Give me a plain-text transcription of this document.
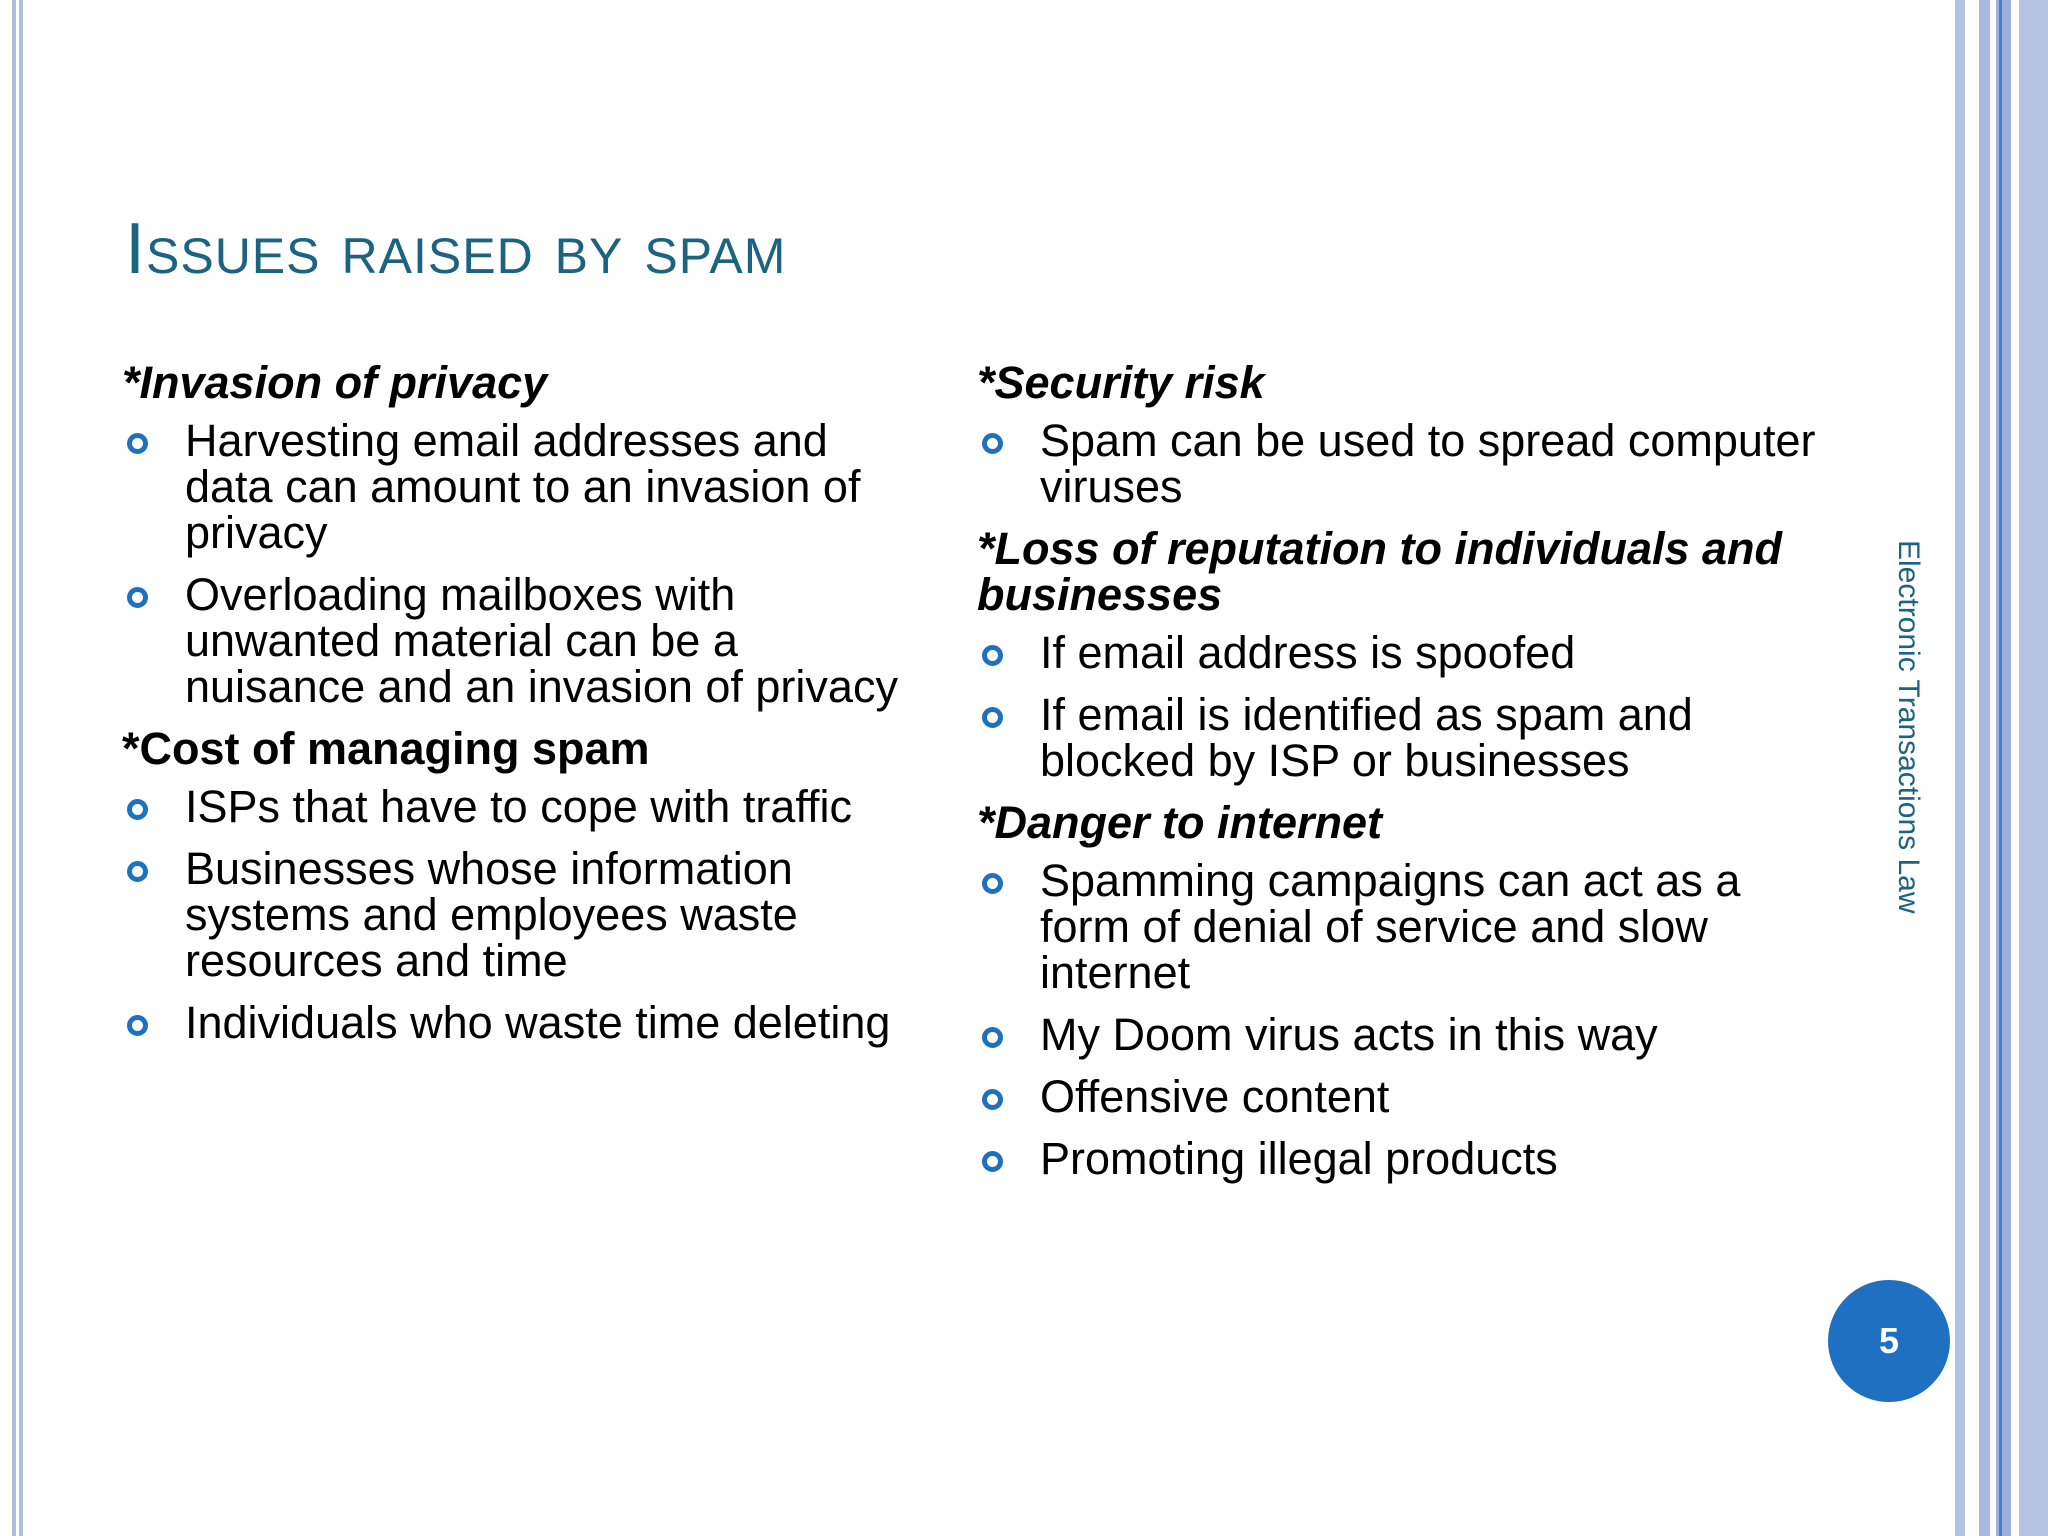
Issues raised by spam
*Invasion of privacy
Harvesting email addresses and data can amount to an invasion of privacy
Overloading mailboxes with unwanted material can be a nuisance and an invasion of privacy
*Cost of managing spam
ISPs that have to cope with traffic
Businesses whose information systems and employees waste resources and time
Individuals who waste time deleting
*Security risk
Spam can be used to spread computer viruses
*Loss of reputation to individuals and businesses
If email address is spoofed
If email is identified as spam and blocked by ISP or businesses
*Danger to internet
Spamming campaigns can act as a form of denial of service and slow internet
My Doom virus acts in this way
Offensive content
Promoting illegal products
Electronic Transactions Law
5
